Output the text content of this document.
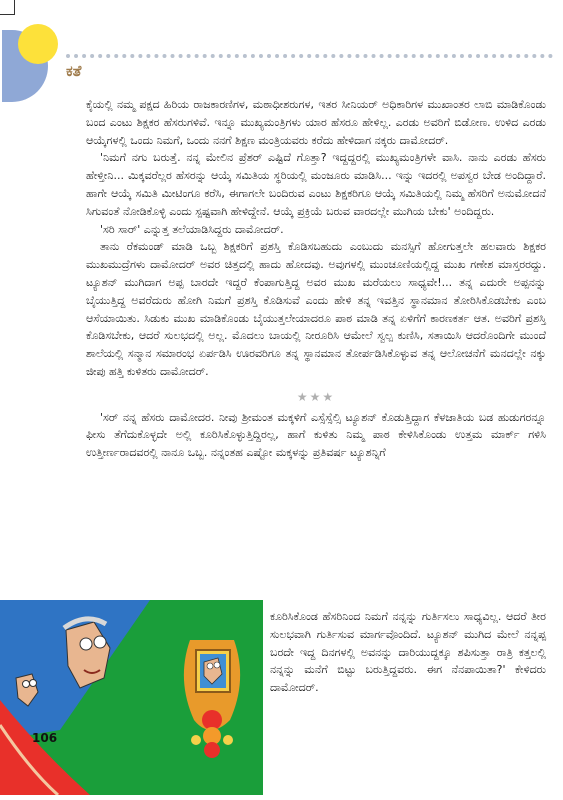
ಕತೆ

ಕೈಯಲ್ಲಿ ನಮ್ಮ ಪಕ್ಷದ ಹಿರಿಯ ರಾಜಕಾರಣಿಗಳ, ಮಠಾಧೀಶರುಗಳ, ಇತರ ಸೀನಿಯರ್ ಅಧಿಕಾರಿಗಳ ಮುಖಾಂತರ ಲಾಬಿ ಮಾಡಿಕೊಂಡು ಬಂದ ಎಂಟು ಶಿಕ್ಷಕರ ಹೆಸರುಗಳಿವೆ. ಇನ್ನೂ ಮುಖ್ಯಮಂತ್ರಿಗಳು ಯಾರ ಹೆಸರೂ ಹೇಳಿಲ್ಲ. ಎರಡು ಅವರಿಗೆ ಬಿಡೋಣ. ಉಳಿದ ಎರಡು ಆಯ್ಕೆಗಳಲ್ಲಿ ಒಂದು ನಿಮಗೆ, ಒಂದು ನನಗೆ ಶಿಕ್ಷಣ ಮಂತ್ರಿಯವರು ಕರೆದು ಹೇಳಿದಾಗ ನಕ್ಕರು ದಾಮೋದರ್.

'ನಿಮಗೆ ನಗು ಬರುತ್ತೆ. ನನ್ನ ಮೇಲಿನ ಪ್ರೆಶರ್ ಎಷ್ಟಿದೆ ಗೊತ್ತಾ? ಇದ್ದದ್ದರಲ್ಲಿ ಮುಖ್ಯಮಂತ್ರಿಗಳೇ ವಾಸಿ. ನಾನು ಎರಡು ಹೆಸರು ಹೇಳ್ತೀನಿ... ಮಿಕ್ಕವರೆಲ್ಲರ ಹೆಸರನ್ನು ಆಯ್ಕೆ ಸಮಿತಿಯ ಸ್ಥರಿಯಲ್ಲಿ ಮಂಜೂರು ಮಾಡಿಸಿ... ಇನ್ನು ಇದರಲ್ಲಿ ಅಪಸ್ವರ ಬೇಡ ಅಂದಿದ್ದಾರೆ. ಹಾಗೇ ಆಯ್ಕೆ ಸಮಿತಿ ಮೀಟಿಂಗೂ ಕರೆಸಿ, ಈಗಾಗಲೇ ಬಂದಿರುವ ಎಂಟು ಶಿಕ್ಷಕರಿಗೂ ಆಯ್ಕೆ ಸಮಿತಿಯಲ್ಲಿ ನಿಮ್ಮ ಹೆಸರಿಗೆ ಅನುಮೋದನೆ ಸಿಗುವಂತೆ ನೋಡಿಕೊಳ್ಳಿ ಎಂದು ಸ್ಪಷ್ಟವಾಗಿ ಹೇಳಿದ್ದೇನೆ. ಆಯ್ಕೆ ಪ್ರಕ್ರಿಯೆ ಬರುವ ವಾರದಲ್ಲೇ ಮುಗಿಯ ಬೇಕು' ಅಂದಿದ್ದರು.

'ಸರಿ ಸಾರ್' ಎನ್ನುತ್ತ ತಲೆಯಾಡಿಸಿದ್ದರು ದಾಮೋದರ್.

ತಾನು ರೆಕಮಂಡ್ ಮಾಡಿ ಒಬ್ಬ ಶಿಕ್ಷಕರಿಗೆ ಪ್ರಶಸ್ತಿ ಕೊಡಿಸಬಹುದು ಎಂಬುದು ಮನಸ್ಸಿಗೆ ಹೋಗುತ್ತಲೇ ಹಲವಾರು ಶಿಕ್ಷಕರ ಮುಖಮುದ್ರೆಗಳು ದಾಮೋದರ್ ಅವರ ಚಿತ್ತದಲ್ಲಿ ಹಾದು ಹೋದವು. ಅವುಗಳಲ್ಲಿ ಮುಂಚೂಣಿಯಲ್ಲಿದ್ದ ಮುಖ ಗಣೇಶ ಮಾಸ್ತರರದ್ದು. ಟ್ಯೂಶನ್ ಮುಗಿದಾಗ ಅಪ್ಪ ಬಾರದೇ ಇದ್ದರೆ ಕೆಂಪಾಗುತ್ತಿದ್ದ ಅವರ ಮುಖ ಮರೆಯಲು ಸಾಧ್ಯವೇ!... ತನ್ನ ಎದುರೇ ಅಪ್ಪನನ್ನು ಬೈಯುತ್ತಿದ್ದ ಅವರೆದುರು ಹೋಗಿ ನಿಮಗೆ ಪ್ರಶಸ್ತಿ ಕೊಡಿಸುವೆ ಎಂದು ಹೇಳಿ ತನ್ನ ಇವತ್ತಿನ ಸ್ಥಾನಮಾನ ತೋರಿಸಿಕೊಡಬೇಕು ಎಂಬ ಆಸೆಯಾಯಿತು. ಸಿಡುಕು ಮುಖ ಮಾಡಿಕೊಂಡು ಬೈಯುತ್ತಲೇಯಾದರೂ ಪಾಠ ಮಾಡಿ ತನ್ನ ಏಳಿಗೆಗೆ ಕಾರಣಕರ್ತ ಆತ. ಅವರಿಗೆ ಪ್ರಶಸ್ತಿ ಕೊಡಿಸಬೇಕು, ಆದರೆ ಸುಲಭದಲ್ಲಿ ಅಲ್ಲ. ಮೊದಲು ಬಾಯಲ್ಲಿ ನೀರೂರಿಸಿ ಆಮೇಲೆ ಸ್ವಲ್ಪ ಕುಣಿಸಿ, ಸತಾಯಿಸಿ ಆದರೊಂದಿಗೇ ಮುಂದೆ ಶಾಲೆಯಲ್ಲಿ ಸನ್ಮಾನ ಸಮಾರಂಭ ಏರ್ಪಡಿಸಿ ಊರವರಿಗೂ ತನ್ನ ಸ್ಥಾನಮಾನ ತೋರ್ಪಡಿಸಿಕೊಳ್ಳುವ ತನ್ನ ಆಲೋಚನೆಗೆ ಮನದಲ್ಲೇ ನಕ್ಕು ಜೀಪು ಹತ್ತಿ ಕುಳಿತರು ದಾಮೋದರ್.

★★★

'ಸರ್ ನನ್ನ ಹೆಸರು ದಾಮೋದರ. ನೀವು ಶ್ರೀಮಂತ ಮಕ್ಕಳಿಗೆ ಎಸ್ಸೆಸ್ಸೆಲ್ಸಿ ಟ್ಯೂಶನ್ ಕೊಡುತ್ತಿದ್ದಾಗ ಕೆಳಜಾತಿಯ ಬಡ ಹುಡುಗರನ್ನೂ ಫೀಸು ತೆಗೆದುಕೊಳ್ಳದೇ ಅಲ್ಲಿ ಕೂರಿಸಿಕೊಳ್ಳುತ್ತಿದ್ದಿರಲ್ಲ, ಹಾಗೆ ಕುಳಿತು ನಿಮ್ಮ ಪಾಠ ಕೇಳಿಸಿಕೊಂಡು ಉತ್ತಮ ಮಾರ್ಕ್ ಗಳಿಸಿ ಉತ್ತೀರ್ಣರಾದವರಲ್ಲಿ ನಾನೂ ಒಬ್ಬ. ನನ್ನಂತಹ ಎಷ್ಟೋ ಮಕ್ಕಳನ್ನು ಪ್ರತಿವರ್ಷ ಟ್ಯೂಶನ್ನಿಗೆ

ಕೂರಿಸಿಕೊಂಡ ಹೆಸರಿನಿಂದ ನಿಮಗೆ ನನ್ನನ್ನು ಗುರ್ತಿಸಲು ಸಾಧ್ಯವಿಲ್ಲ. ಆದರೆ ತೀರ ಸುಲಭವಾಗಿ ಗುರ್ತಿಸುವ ಮಾರ್ಗವೊಂದಿದೆ. ಟ್ಯೂಶನ್ ಮುಗಿದ ಮೇಲೆ ನನ್ನಪ್ಪ ಬರದೇ ಇದ್ದ ದಿನಗಳಲ್ಲಿ ಅವನನ್ನು ದಾರಿಯುದ್ದಕ್ಕೂ ಶಪಿಸುತ್ತಾ ರಾತ್ರಿ ಕತ್ತಲಲ್ಲಿ ನನ್ನನ್ನು ಮನೆಗೆ ಬಿಟ್ಟು ಬರುತ್ತಿದ್ದವರು. ಈಗ ನೆನಪಾಯಿತಾ?' ಕೇಳಿದರು ದಾಮೋದರ್.
106
